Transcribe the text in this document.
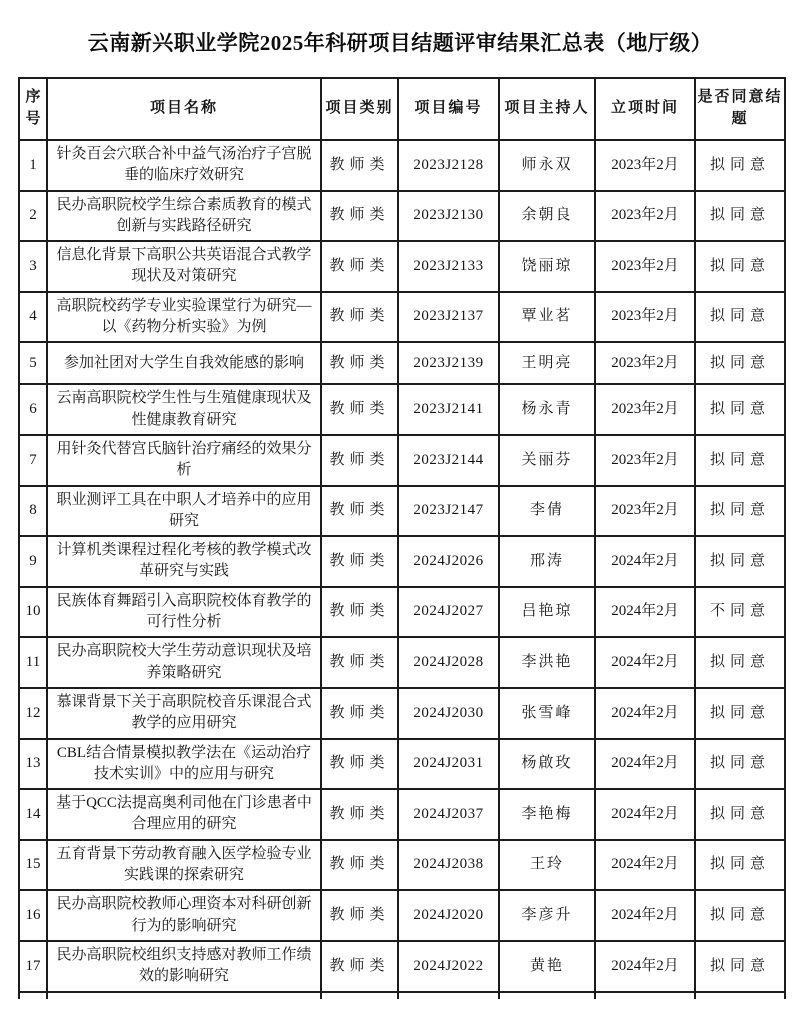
云南新兴职业学院2025年科研项目结题评审结果汇总表（地厅级）
序号	项目名称	项目类别	项目编号	项目主持人	立项时间	是否同意结题
1	针灸百会穴联合补中益气汤治疗子宫脱垂的临床疗效研究	教师类	2023J2128	师永双	2023年2月	拟同意
2	民办高职院校学生综合素质教育的模式创新与实践路径研究	教师类	2023J2130	余朝良	2023年2月	拟同意
3	信息化背景下高职公共英语混合式教学现状及对策研究	教师类	2023J2133	饶丽琼	2023年2月	拟同意
4	高职院校药学专业实验课堂行为研究—以《药物分析实验》为例	教师类	2023J2137	覃业茗	2023年2月	拟同意
5	参加社团对大学生自我效能感的影响	教师类	2023J2139	王明亮	2023年2月	拟同意
6	云南高职院校学生性与生殖健康现状及性健康教育研究	教师类	2023J2141	杨永青	2023年2月	拟同意
7	用针灸代替宫氏脑针治疗痛经的效果分析	教师类	2023J2144	关丽芬	2023年2月	拟同意
8	职业测评工具在中职人才培养中的应用研究	教师类	2023J2147	李倩	2023年2月	拟同意
9	计算机类课程过程化考核的教学模式改革研究与实践	教师类	2024J2026	邢涛	2024年2月	拟同意
10	民族体育舞蹈引入高职院校体育教学的可行性分析	教师类	2024J2027	吕艳琼	2024年2月	不同意
11	民办高职院校大学生劳动意识现状及培养策略研究	教师类	2024J2028	李洪艳	2024年2月	拟同意
12	慕课背景下关于高职院校音乐课混合式教学的应用研究	教师类	2024J2030	张雪峰	2024年2月	拟同意
13	CBL结合情景模拟教学法在《运动治疗技术实训》中的应用与研究	教师类	2024J2031	杨啟玫	2024年2月	拟同意
14	基于QCC法提高奥利司他在门诊患者中合理应用的研究	教师类	2024J2037	李艳梅	2024年2月	拟同意
15	五育背景下劳动教育融入医学检验专业实践课的探索研究	教师类	2024J2038	王玲	2024年2月	拟同意
16	民办高职院校教师心理资本对科研创新行为的影响研究	教师类	2024J2020	李彦升	2024年2月	拟同意
17	民办高职院校组织支持感对教师工作绩效的影响研究	教师类	2024J2022	黄艳	2024年2月	拟同意
